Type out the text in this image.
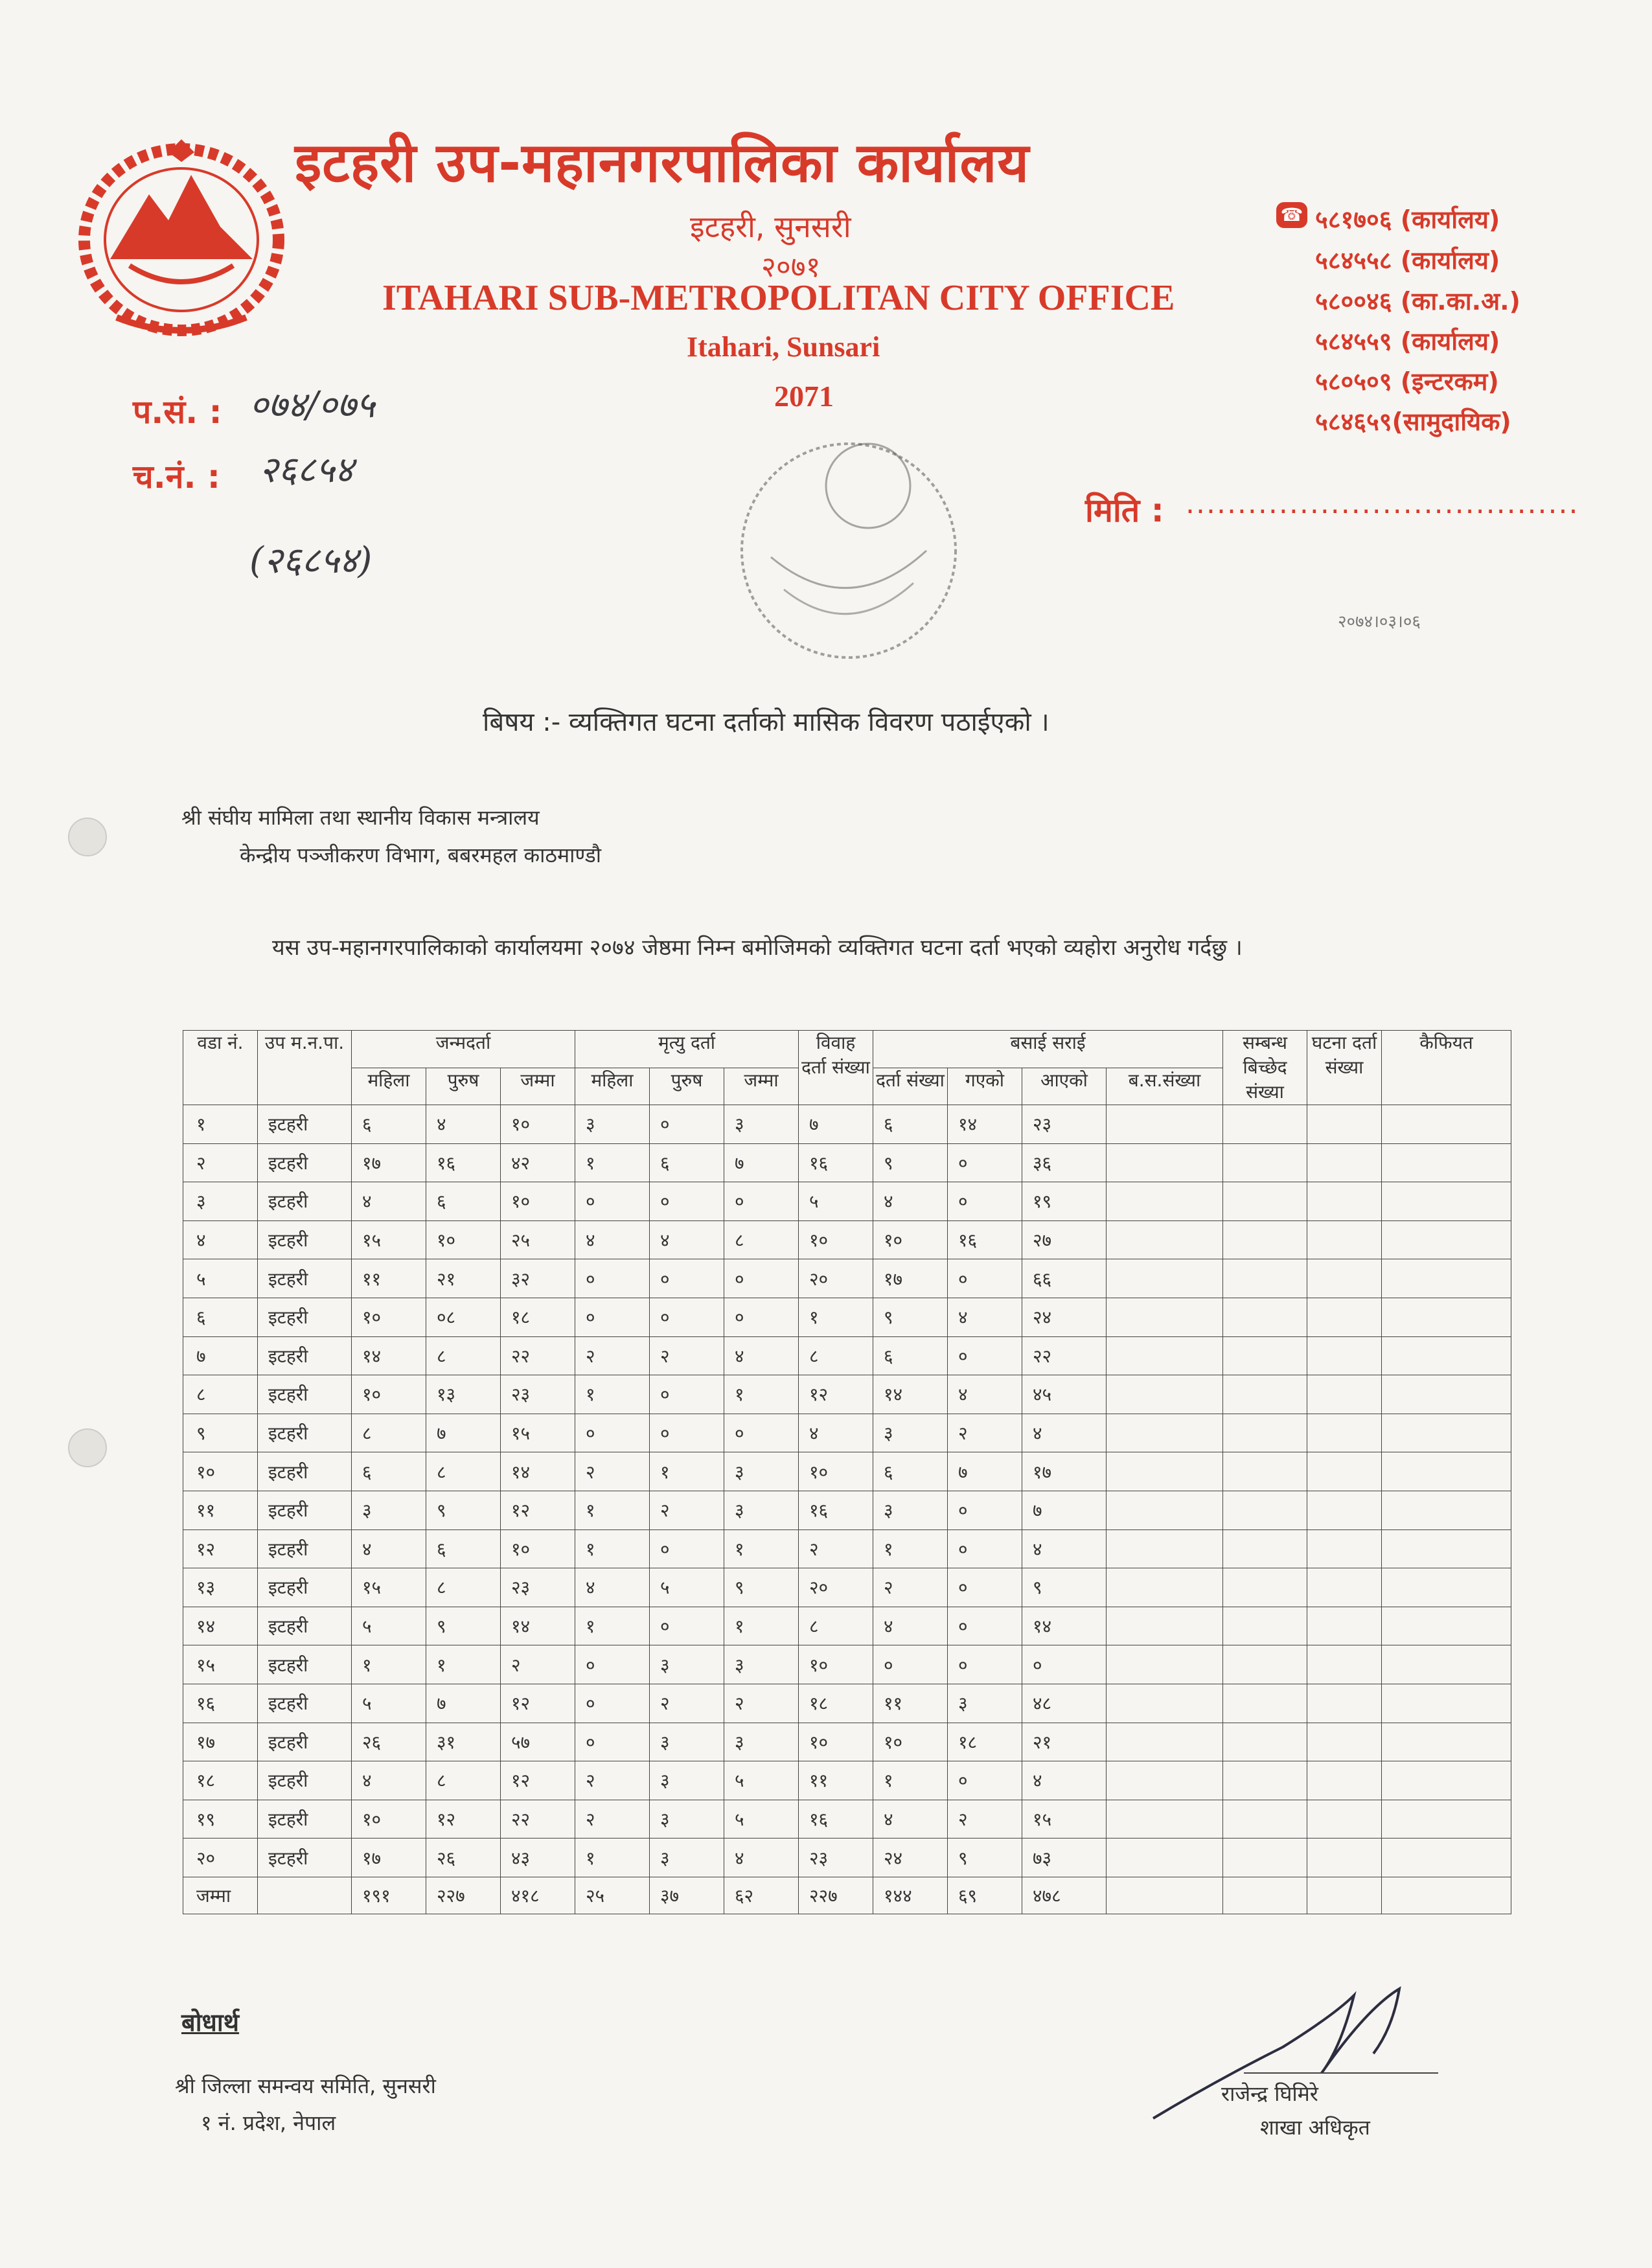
इटहरी उप-महानगरपालिका कार्यालय
इटहरी, सुनसरी
२०७१
ITAHARI SUB-METROPOLITAN CITY OFFICE
Itahari, Sunsari
2071
☎ ५८१७०६ (कार्यालय)
५८४५५८ (कार्यालय)
५८००४६ (का.का.अ.)
५८४५५९ (कार्यालय)
५८०५०९ (इन्टरकम)
५८४६५९(सामुदायिक)
प.सं. : ०७४/०७५
च.नं. : २६८५४
(२६८५४)
मिति : ......................................
२०७४।०३।०६
बिषय :- व्यक्तिगत घटना दर्ताको मासिक विवरण पठाईएको ।
श्री संघीय मामिला तथा स्थानीय विकास मन्त्रालय
केन्द्रीय पञ्जीकरण विभाग, बबरमहल काठमाण्डौ
यस उप-महानगरपालिकाको कार्यालयमा २०७४ जेष्ठमा निम्न बमोजिमको व्यक्तिगत घटना दर्ता भएको व्यहोरा अनुरोध गर्दछु ।
वडा नं.	उप म.न.पा.	जन्मदर्ता			मृत्यु दर्ता			विवाह दर्ता संख्या	बसाई सराई				सम्बन्ध बिच्छेद संख्या	घटना दर्ता संख्या	कैफियत
		महिला	पुरुष	जम्मा	महिला	पुरुष	जम्मा		दर्ता संख्या	गएको	आएको	ब.स.संख्या			
१	इटहरी	६	४	१०	३	०	३	७	६	१४	२३				
२	इटहरी	१७	१६	४२	१	६	७	१६	९	०	३६				
३	इटहरी	४	६	१०	०	०	०	५	४	०	१९				
४	इटहरी	१५	१०	२५	४	४	८	१०	१०	१६	२७				
५	इटहरी	११	२१	३२	०	०	०	२०	१७	०	६६				
६	इटहरी	१०	०८	१८	०	०	०	१	९	४	२४				
७	इटहरी	१४	८	२२	२	२	४	८	६	०	२२				
८	इटहरी	१०	१३	२३	१	०	१	१२	१४	४	४५				
९	इटहरी	८	७	१५	०	०	०	४	३	२	४				
१०	इटहरी	६	८	१४	२	१	३	१०	६	७	१७				
११	इटहरी	३	९	१२	१	२	३	१६	३	०	७				
१२	इटहरी	४	६	१०	१	०	१	२	१	०	४				
१३	इटहरी	१५	८	२३	४	५	९	२०	२	०	९				
१४	इटहरी	५	९	१४	१	०	१	८	४	०	१४				
१५	इटहरी	१	१	२	०	३	३	१०	०	०	०				
१६	इटहरी	५	७	१२	०	२	२	१८	११	३	४८				
१७	इटहरी	२६	३१	५७	०	३	३	१०	१०	१८	२१				
१८	इटहरी	४	८	१२	२	३	५	११	१	०	४				
१९	इटहरी	१०	१२	२२	२	३	५	१६	४	२	१५				
२०	इटहरी	१७	२६	४३	१	३	४	२३	२४	९	७३				
जम्मा		१९१	२२७	४१८	२५	३७	६२	२२७	१४४	६९	४७८				
बोधार्थ
श्री जिल्ला समन्वय समिति, सुनसरी
१ नं. प्रदेश, नेपाल
राजेन्द्र घिमिरे
शाखा अधिकृत
